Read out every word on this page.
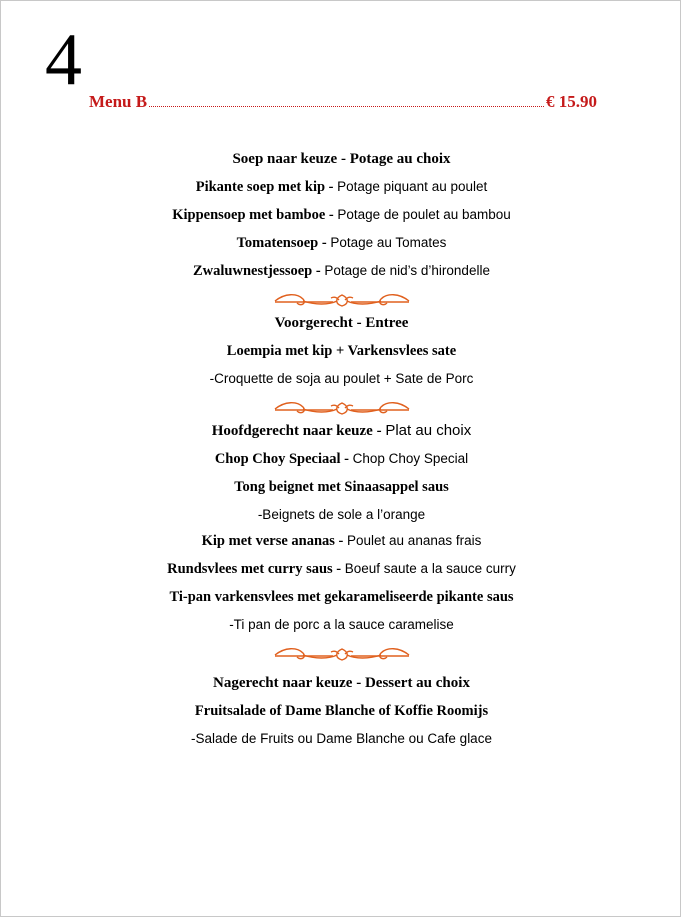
4
Menu B	€ 15.90
Soep naar keuze - Potage au choix
Pikante soep met kip - Potage piquant au poulet
Kippensoep met bamboe - Potage de poulet au bambou
Tomatensoep - Potage au Tomates
Zwaluwnestjessoep - Potage de nid’s d’hirondelle
Voorgerecht - Entree
Loempia met kip + Varkensvlees sate
-Croquette de soja au poulet + Sate de Porc
Hoofdgerecht naar keuze - Plat au choix
Chop Choy Speciaal - Chop Choy Special
Tong beignet met Sinaasappel saus
-Beignets de sole a l’orange
Kip met verse ananas - Poulet au ananas frais
Rundsvlees met curry saus - Boeuf saute a la sauce curry
Ti-pan varkensvlees met gekarameliseerde pikante saus
-Ti pan de porc a la sauce caramelise
Nagerecht naar keuze - Dessert au choix
Fruitsalade of Dame Blanche of Koffie Roomijs
-Salade de Fruits ou Dame Blanche ou Cafe glace
